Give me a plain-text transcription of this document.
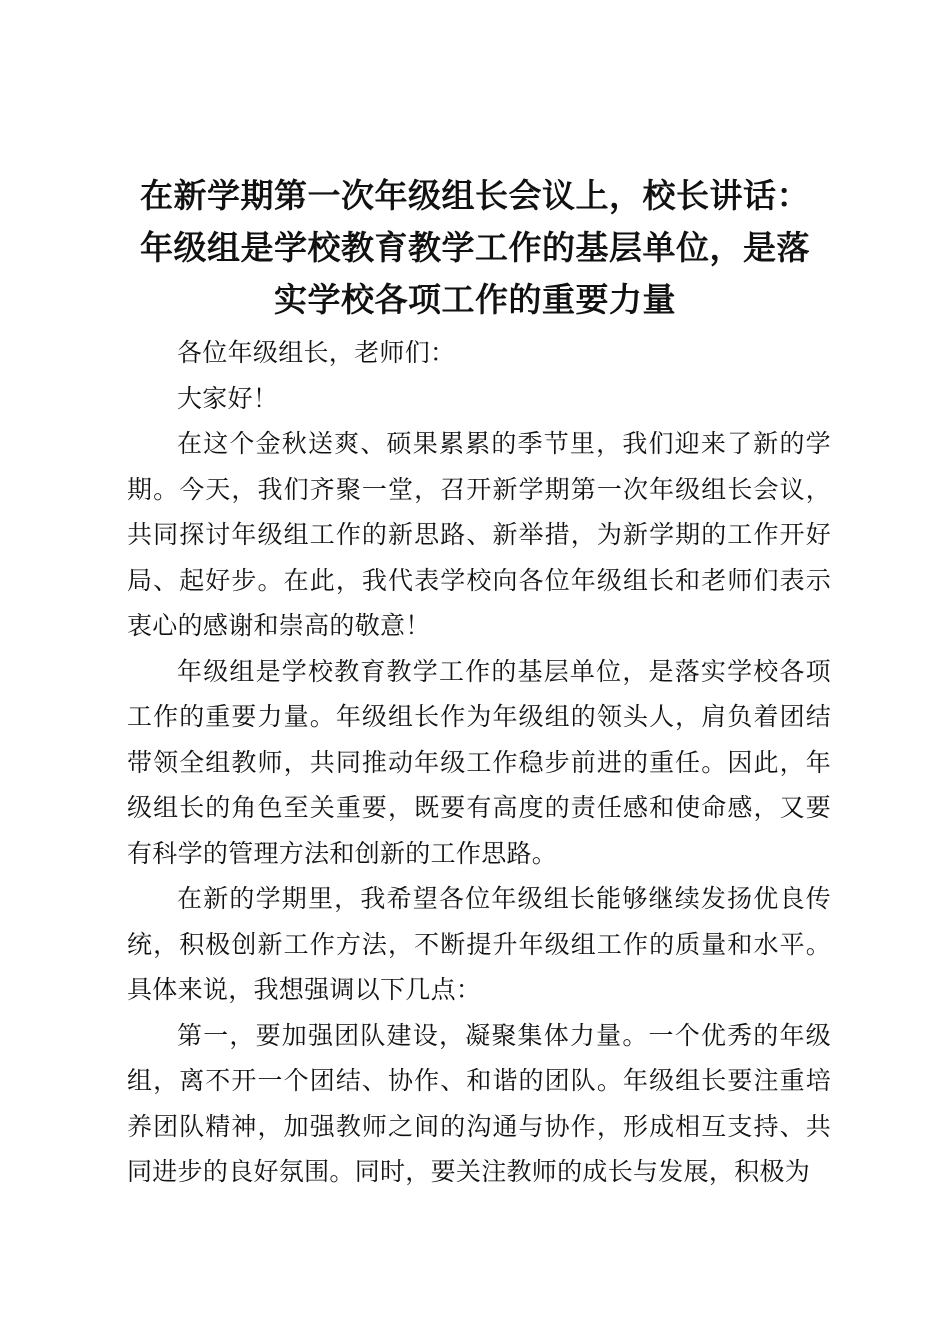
在新学期第一次年级组长会议上，校长讲话：
年级组是学校教育教学工作的基层单位，是落
实学校各项工作的重要力量

各位年级组长，老师们：

大家好！

在这个金秋送爽、硕果累累的季节里，我们迎来了新的学期。今天，我们齐聚一堂，召开新学期第一次年级组长会议，共同探讨年级组工作的新思路、新举措，为新学期的工作开好局、起好步。在此，我代表学校向各位年级组长和老师们表示衷心的感谢和崇高的敬意！

年级组是学校教育教学工作的基层单位，是落实学校各项工作的重要力量。年级组长作为年级组的领头人，肩负着团结带领全组教师，共同推动年级工作稳步前进的重任。因此，年级组长的角色至关重要，既要有高度的责任感和使命感，又要有科学的管理方法和创新的工作思路。

在新的学期里，我希望各位年级组长能够继续发扬优良传统，积极创新工作方法，不断提升年级组工作的质量和水平。具体来说，我想强调以下几点：

第一，要加强团队建设，凝聚集体力量。一个优秀的年级组，离不开一个团结、协作、和谐的团队。年级组长要注重培养团队精神，加强教师之间的沟通与协作，形成相互支持、共同进步的良好氛围。同时，要关注教师的成长与发展，积极为
